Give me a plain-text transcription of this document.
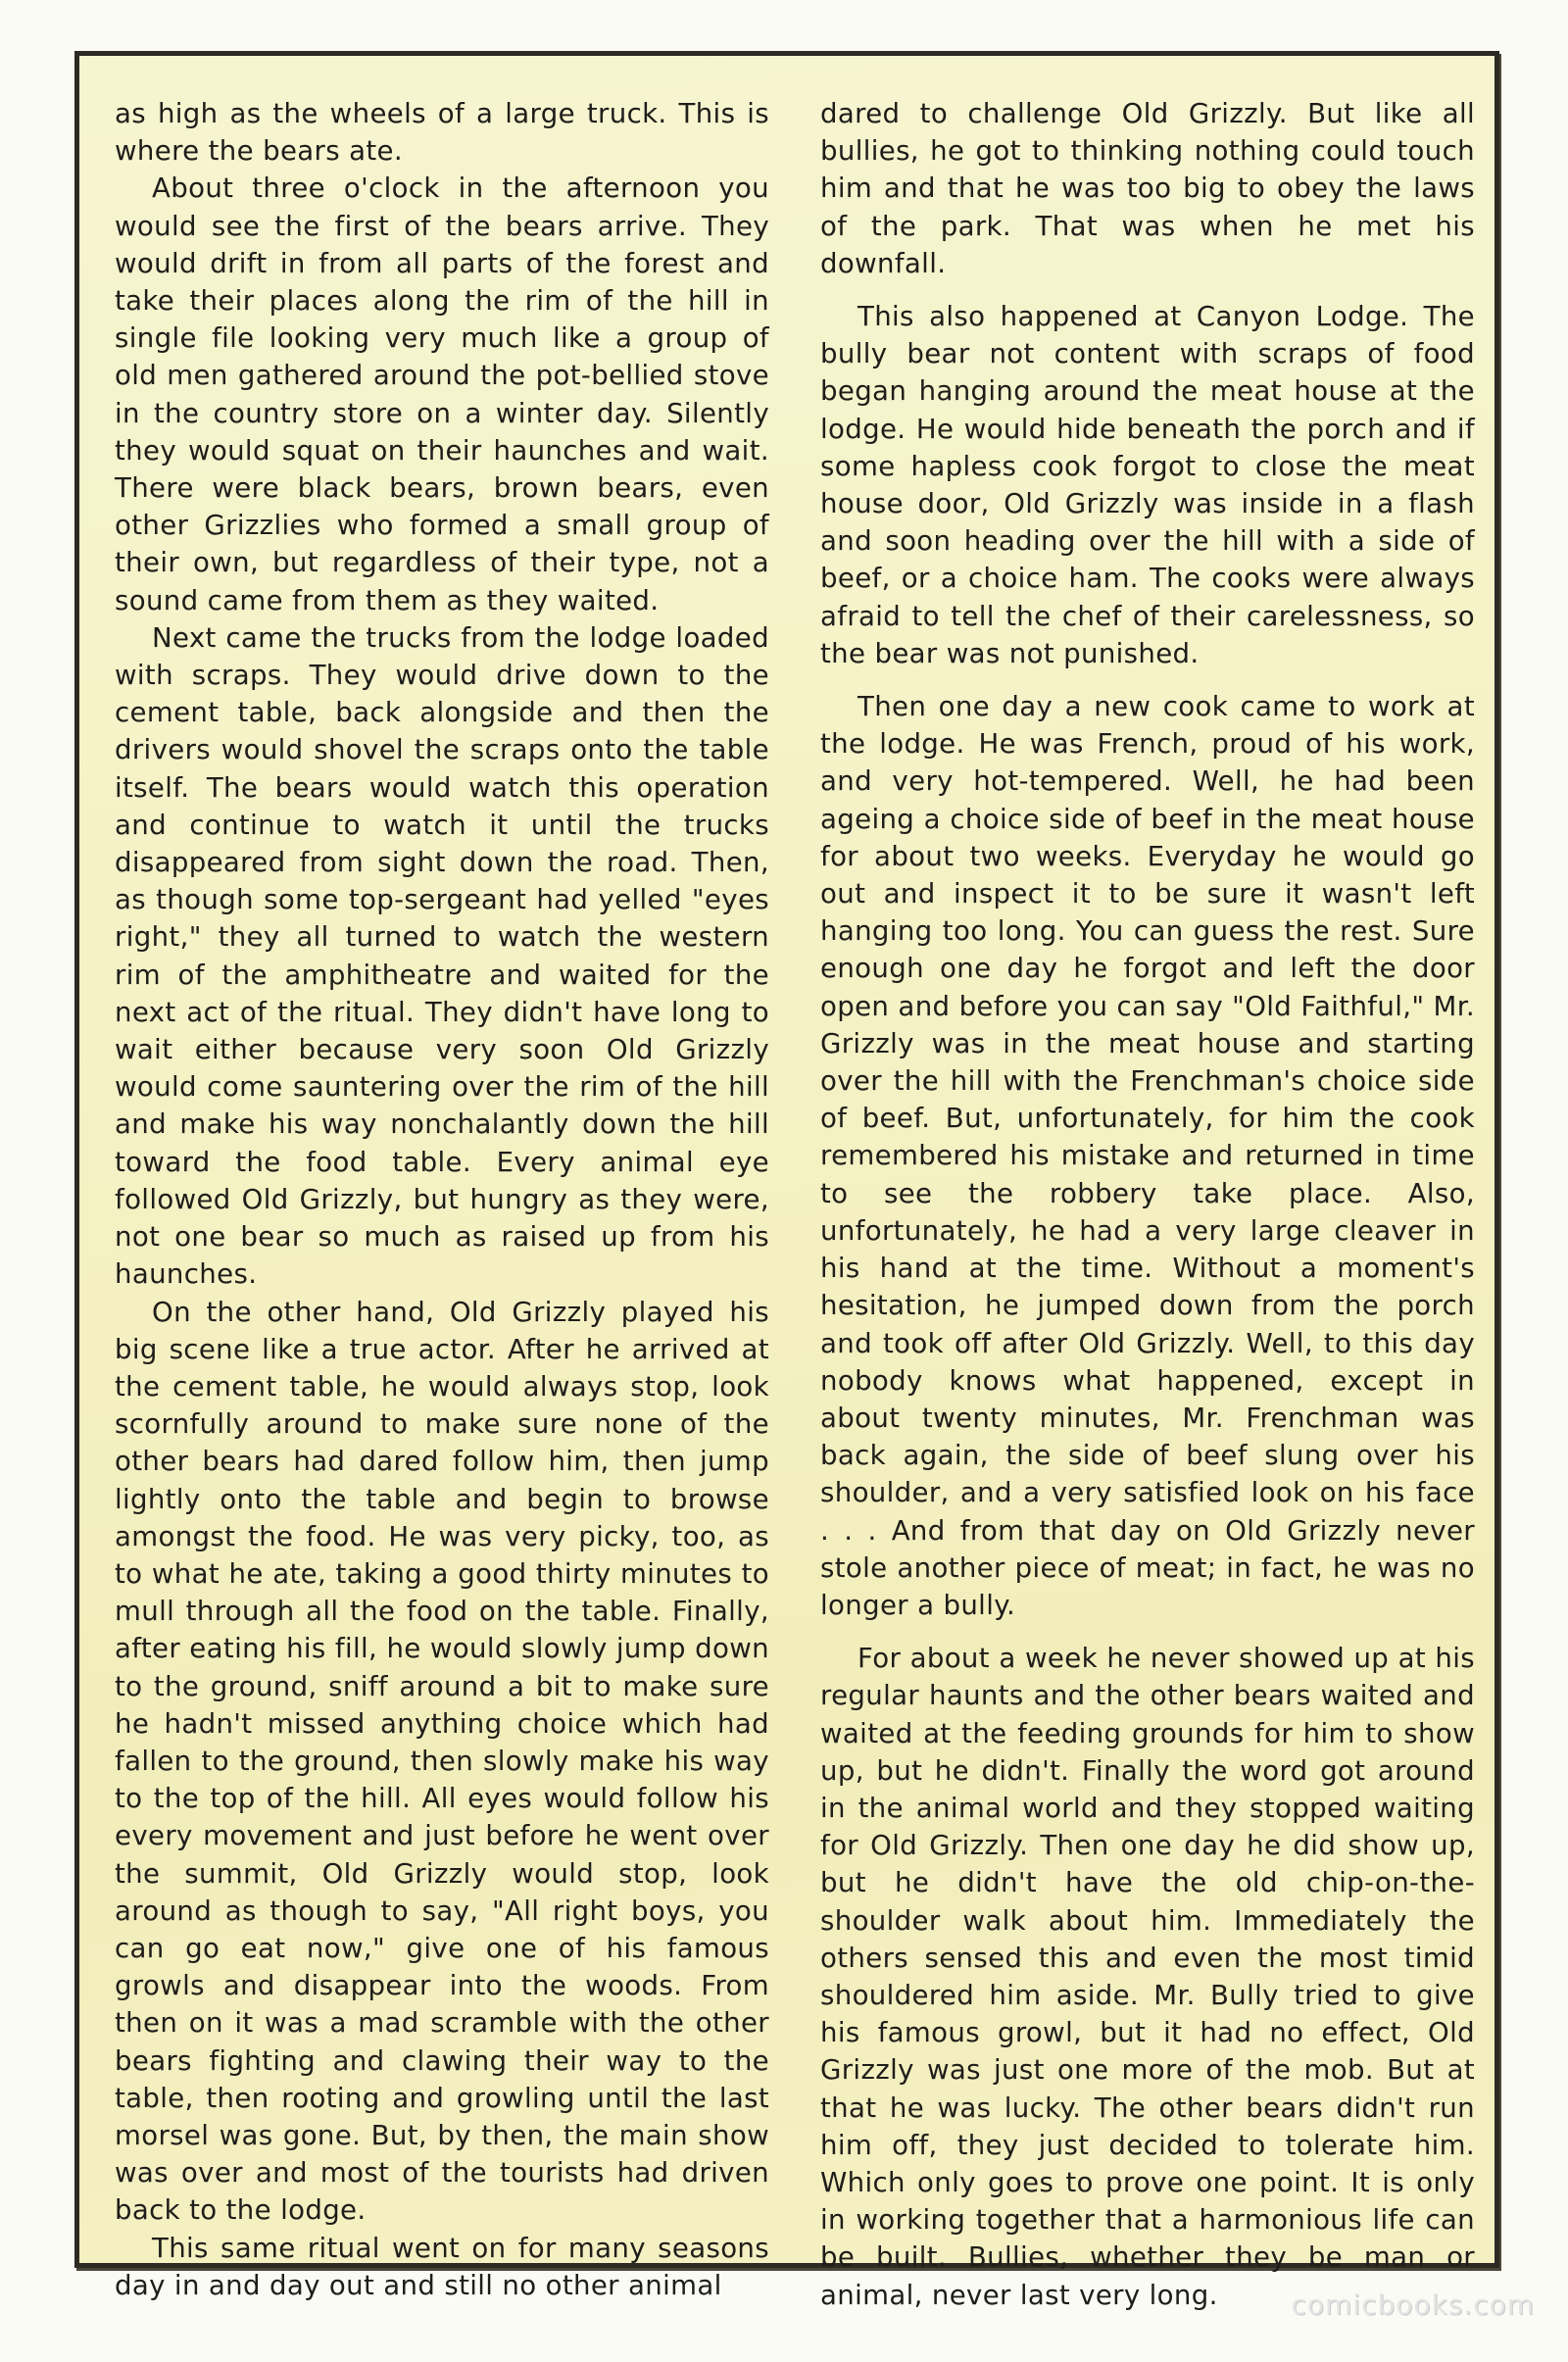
as high as the wheels of a large truck. This is where the bears ate.

About three o'clock in the afternoon you would see the first of the bears arrive. They would drift in from all parts of the forest and take their places along the rim of the hill in single file looking very much like a group of old men gathered around the pot-bellied stove in the country store on a winter day. Silently they would squat on their haunches and wait. There were black bears, brown bears, even other Grizzlies who formed a small group of their own, but regardless of their type, not a sound came from them as they waited.

Next came the trucks from the lodge loaded with scraps. They would drive down to the cement table, back alongside and then the drivers would shovel the scraps onto the table itself. The bears would watch this operation and continue to watch it until the trucks disappeared from sight down the road. Then, as though some top-sergeant had yelled "eyes right," they all turned to watch the western rim of the amphitheatre and waited for the next act of the ritual. They didn't have long to wait either because very soon Old Grizzly would come sauntering over the rim of the hill and make his way nonchalantly down the hill toward the food table. Every animal eye followed Old Grizzly, but hungry as they were, not one bear so much as raised up from his haunches.

On the other hand, Old Grizzly played his big scene like a true actor. After he arrived at the cement table, he would always stop, look scornfully around to make sure none of the other bears had dared follow him, then jump lightly onto the table and begin to browse amongst the food. He was very picky, too, as to what he ate, taking a good thirty minutes to mull through all the food on the table. Finally, after eating his fill, he would slowly jump down to the ground, sniff around a bit to make sure he hadn't missed anything choice which had fallen to the ground, then slowly make his way to the top of the hill. All eyes would follow his every movement and just before he went over the summit, Old Grizzly would stop, look around as though to say, "All right boys, you can go eat now," give one of his famous growls and disappear into the woods. From then on it was a mad scramble with the other bears fighting and clawing their way to the table, then rooting and growling until the last morsel was gone. But, by then, the main show was over and most of the tourists had driven back to the lodge.

This same ritual went on for many seasons day in and day out and still no other animal

dared to challenge Old Grizzly. But like all bullies, he got to thinking nothing could touch him and that he was too big to obey the laws of the park. That was when he met his downfall.

This also happened at Canyon Lodge. The bully bear not content with scraps of food began hanging around the meat house at the lodge. He would hide beneath the porch and if some hapless cook forgot to close the meat house door, Old Grizzly was inside in a flash and soon heading over the hill with a side of beef, or a choice ham. The cooks were always afraid to tell the chef of their carelessness, so the bear was not punished.

Then one day a new cook came to work at the lodge. He was French, proud of his work, and very hot-tempered. Well, he had been ageing a choice side of beef in the meat house for about two weeks. Everyday he would go out and inspect it to be sure it wasn't left hanging too long. You can guess the rest. Sure enough one day he forgot and left the door open and before you can say "Old Faithful," Mr. Grizzly was in the meat house and starting over the hill with the Frenchman's choice side of beef. But, unfortunately, for him the cook remembered his mistake and returned in time to see the robbery take place. Also, unfortunately, he had a very large cleaver in his hand at the time. Without a moment's hesitation, he jumped down from the porch and took off after Old Grizzly. Well, to this day nobody knows what happened, except in about twenty minutes, Mr. Frenchman was back again, the side of beef slung over his shoulder, and a very satisfied look on his face . . . And from that day on Old Grizzly never stole another piece of meat; in fact, he was no longer a bully.

For about a week he never showed up at his regular haunts and the other bears waited and waited at the feeding grounds for him to show up, but he didn't. Finally the word got around in the animal world and they stopped waiting for Old Grizzly. Then one day he did show up, but he didn't have the old chip-on-the-shoulder walk about him. Immediately the others sensed this and even the most timid shouldered him aside. Mr. Bully tried to give his famous growl, but it had no effect, Old Grizzly was just one more of the mob. But at that he was lucky. The other bears didn't run him off, they just decided to tolerate him. Which only goes to prove one point. It is only in working together that a harmonious life can be built. Bullies, whether they be man or animal, never last very long.	comicbooks.com
